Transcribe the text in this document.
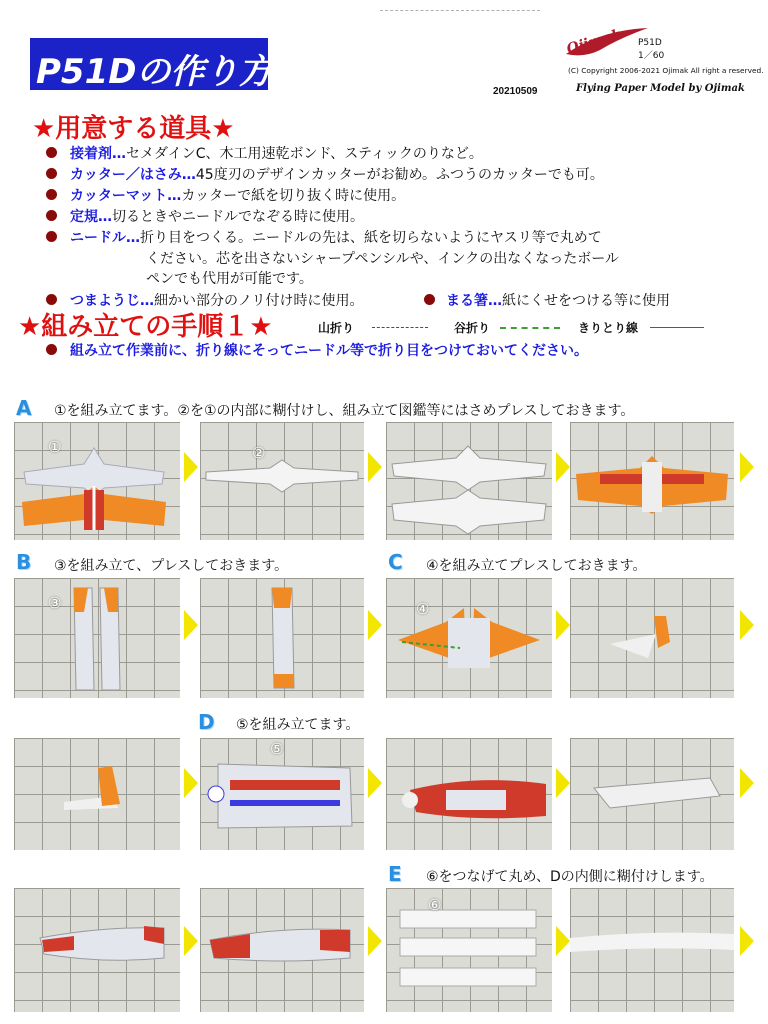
P51Dの作り方
Ojimak P51D
1／60
(C) Copyright 2006-2021 Ojimak All right a reserved.
Flying Paper Model by Ojimak
20210509
★用意する道具★
接着剤…セメダインC、木工用速乾ボンド、スティックのりなど。
カッター／はさみ…45度刃のデザインカッターがお勧め。ふつうのカッターでも可。
カッターマット…カッターで紙を切り抜く時に使用。
定規…切るときやニードルでなぞる時に使用。
ニードル…折り目をつくる。ニードルの先は、紙を切らないようにヤスリ等で丸めて
ください。芯を出さないシャープペンシルや、インクの出なくなったボール
ペンでも代用が可能です。
つまようじ…細かい部分のノリ付け時に使用。	まる箸…紙にくせをつける等に使用
★組み立ての手順１★	山折り	谷折り	きりとり線
組み立て作業前に、折り線にそってニードル等で折り目をつけておいてください。
A	①を組み立てます。②を①の内部に糊付けし、組み立て図鑑等にはさめプレスしておきます。
①	②
B	③を組み立て、プレスしておきます。	C	④を組み立てプレスしておきます。
③	④
D	⑤を組み立てます。
⑤
E	⑥をつなげて丸め、Dの内側に糊付けします。
⑥
